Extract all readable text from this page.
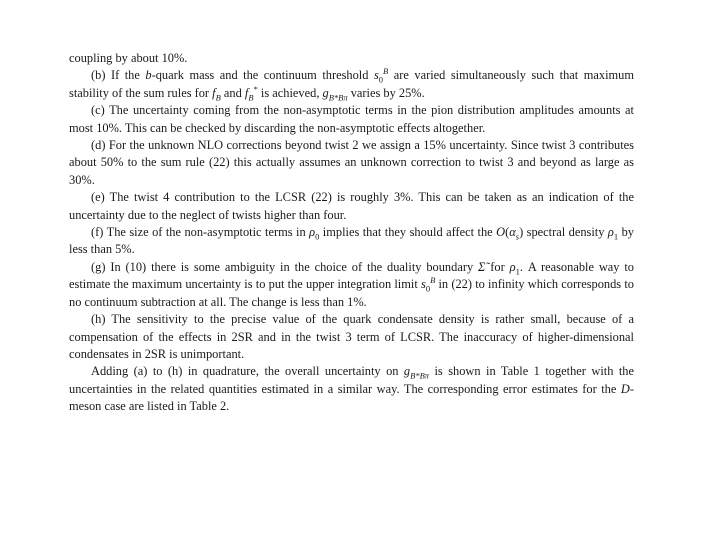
coupling by about 10%.

(b) If the b-quark mass and the continuum threshold $s_0^B$ are varied simultaneously such that maximum stability of the sum rules for $f_B$ and $f_B^*$ is achieved, $g_{B*B\pi}$ varies by 25%.

(c) The uncertainty coming from the non-asymptotic terms in the pion distribution amplitudes amounts at most 10%. This can be checked by discarding the non-asymptotic effects altogether.

(d) For the unknown NLO corrections beyond twist 2 we assign a 15% uncertainty. Since twist 3 contributes about 50% to the sum rule (22) this actually assumes an unknown correction to twist 3 and beyond as large as 30%.

(e) The twist 4 contribution to the LCSR (22) is roughly 3%. This can be taken as an indication of the uncertainty due to the neglect of twists higher than four.

(f) The size of the non-asymptotic terms in $\rho_0$ implies that they should affect the $O(\alpha_s)$ spectral density $\rho_1$ by less than 5%.

(g) In (10) there is some ambiguity in the choice of the duality boundary Σ̃ for $\rho_1$. A reasonable way to estimate the maximum uncertainty is to put the upper integration limit $s_0^B$ in (22) to infinity which corresponds to no continuum subtraction at all. The change is less than 1%.

(h) The sensitivity to the precise value of the quark condensate density is rather small, because of a compensation of the effects in 2SR and in the twist 3 term of LCSR. The inaccuracy of higher-dimensional condensates in 2SR is unimportant.

Adding (a) to (h) in quadrature, the overall uncertainty on $g_{B*B\pi}$ is shown in Table 1 together with the uncertainties in the related quantities estimated in a similar way. The corresponding error estimates for the D-meson case are listed in Table 2.
